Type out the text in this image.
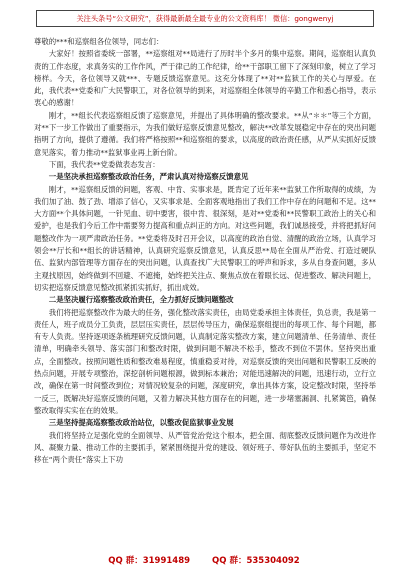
关注头条号“公文研究”，获得最新最全最专业的公文资料库！ 微信：gongwenyj

尊敬的***和巡察组各位领导，同志们：

大家好！按照省委统一部署，**巡察组对**局进行了历时半个多月的集中巡察。期间，巡察组认真负责的工作态度，求真务实的工作作风，严于律己的工作纪律，给**干部职工留下了深刻印象，树立了学习榜样。今天，各位领导又就***、专题反馈巡察意见。这充分体现了**对**监狱工作的关心与厚爱。在此，我代表**党委和广大民警职工，对各位领导的到来，对巡察组全体领导的辛勤工作和悉心指导，表示衷心的感谢！

刚才，**组长代表巡察组反馈了巡察意见，并提出了具体明确的整改要求。**从“＊＊”等三个方面，对**下一步工作做出了重要指示，为我们做好巡察反馈意见整改，解决**改革发展稳定中存在的突出问题指明了方向，提供了遵循。我们将严格按照**和巡察组的要求，以高度的政治责任感，从严从实抓好反馈意见落实，着力推动**监狱事业再上新台阶。

下面，我代表**党委做表态发言：

一是坚决承担巡察整改政治任务，严肃认真对待巡察反馈意见

刚才，**巡察组反馈的问题，客观、中肯、实事求是，既肯定了近年来**监狱工作所取得的成绩，为我们加了油、鼓了劲、增添了信心，又实事求是、全面客观地指出了我们工作中存在的问题和不足。这**大方面**个具体问题，一针见血、切中要害，很中肯、很深刻，是对**党委和**民警职工政治上的关心和爱护，也是我们今后工作中需要努力提高和重点纠正的方向。对这些问题，我们诚恳接受，并将把抓好问题整改作为一项严肃政治任务。**党委将及时召开会议，以高度的政治自觉、清醒的政治立场，认真学习领会**厅长和**组长的讲话精神，认真研究巡察反馈意见，认真反思**局在全面从严治党、打造过硬队伍、监狱内部管理等方面存在的突出问题，认真查找广大民警职工的呼声和诉求，多从自身查问题，多从主观找原因，始终做到不回避、不遮掩，始终把关注点、聚焦点放在着眼长远、促进整改、解决问题上，切实把巡察反馈意见整改抓紧抓实抓好，抓出成效。

二是坚决履行巡察整改政治责任，全力抓好反馈问题整改

我们将把巡察整改作为最大的任务，强化整改落实责任，由局党委承担主体责任，负总责，我是第一责任人，班子成员分工负责，层层压实责任，层层传导压力，确保巡察组提出的每项工作、每个问题，都有专人负责。坚持逐项逐条梳理研究反馈问题，认真制定落实整改方案，建立问题清单、任务清单、责任清单，明确牵头领导、落实部门和整改时限，做到问题不解决不松手，整改不到位不罢休。坚持突出重点，全面整改。按照问题性质和整改难易程度，慎重稳妥对待，对巡察反馈的突出问题和民警职工反映的热点问题，开展专项整治，深挖剖析问题根源，做到标本兼治；对能迅速解决的问题，迅速行动，立行立改，确保在第一时间整改到位；对情况较复杂的问题，深度研究，拿出具体方案，设定整改时限，坚持举一反三，既解决好巡察反馈的问题，又着力解决其他方面存在的问题，进一步堵塞漏洞、扎紧篱笆，确保整改取得实实在在的效果。

三是坚持提高巡察整改政治站位，以整改促监狱事业发展

我们将坚持立足强化党的全面领导、从严管党治党这个根本，把全面、彻底整改反馈问题作为改进作风、凝聚力量、推动工作的主要抓手，紧紧围绕提升党的建设、领好班子、带好队伍的主要抓手，坚定不移在“两个责任”落实上下功

QQ 群：31991489	QQ 群：535304092
